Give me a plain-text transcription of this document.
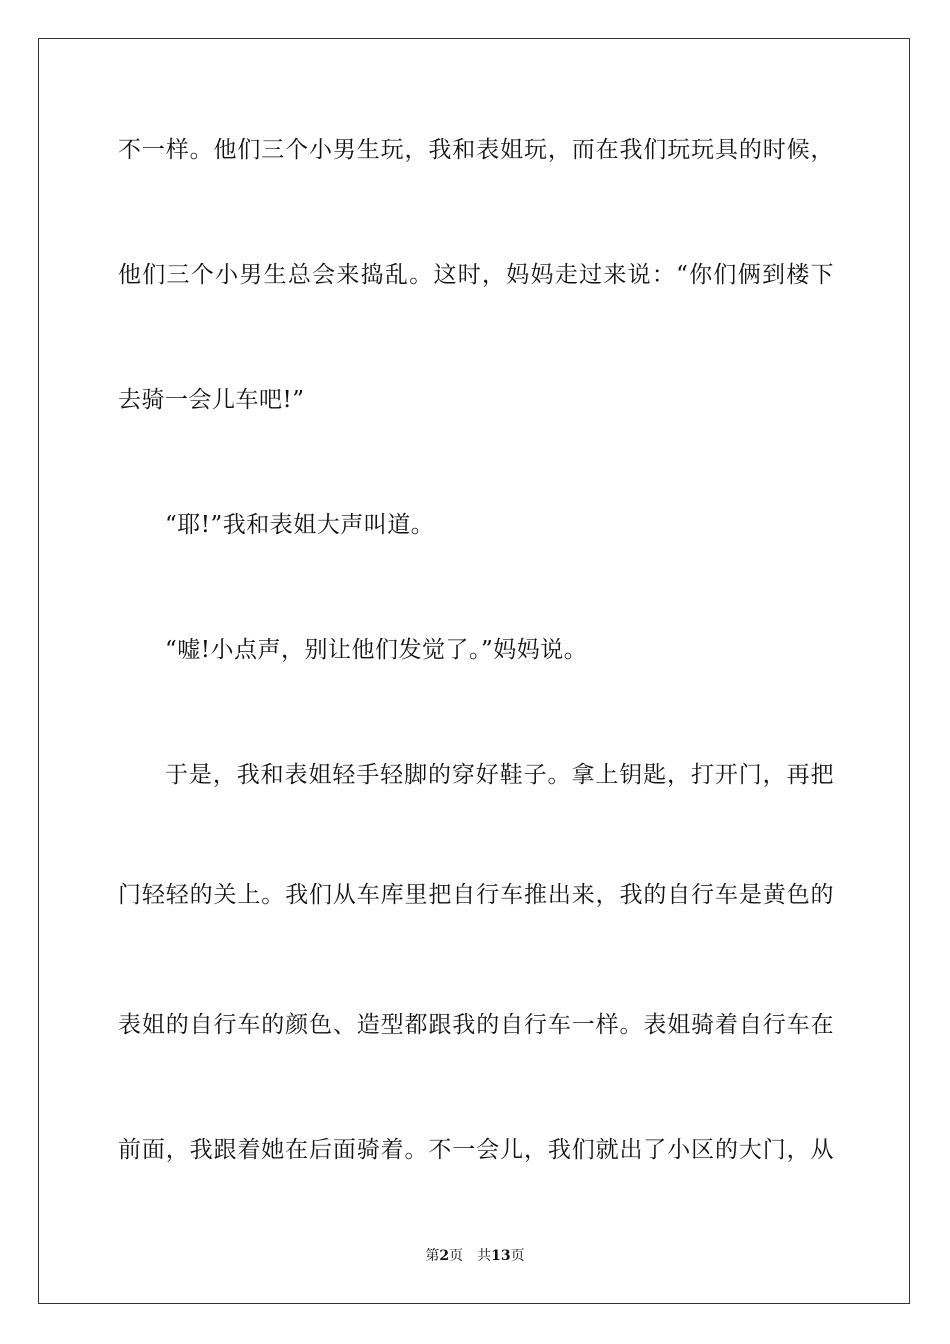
不一样。他们三个小男生玩，我和表姐玩，而在我们玩玩具的时候，
他们三个小男生总会来捣乱。这时，妈妈走过来说：“你们俩到楼下
去骑一会儿车吧!”
“耶!”我和表姐大声叫道。
“嘘!小点声，别让他们发觉了。”妈妈说。
于是，我和表姐轻手轻脚的穿好鞋子。拿上钥匙，打开门，再把
门轻轻的关上。我们从车库里把自行车推出来，我的自行车是黄色的
表姐的自行车的颜色、造型都跟我的自行车一样。表姐骑着自行车在
前面，我跟着她在后面骑着。不一会儿，我们就出了小区的大门，从
第2页 共13页
